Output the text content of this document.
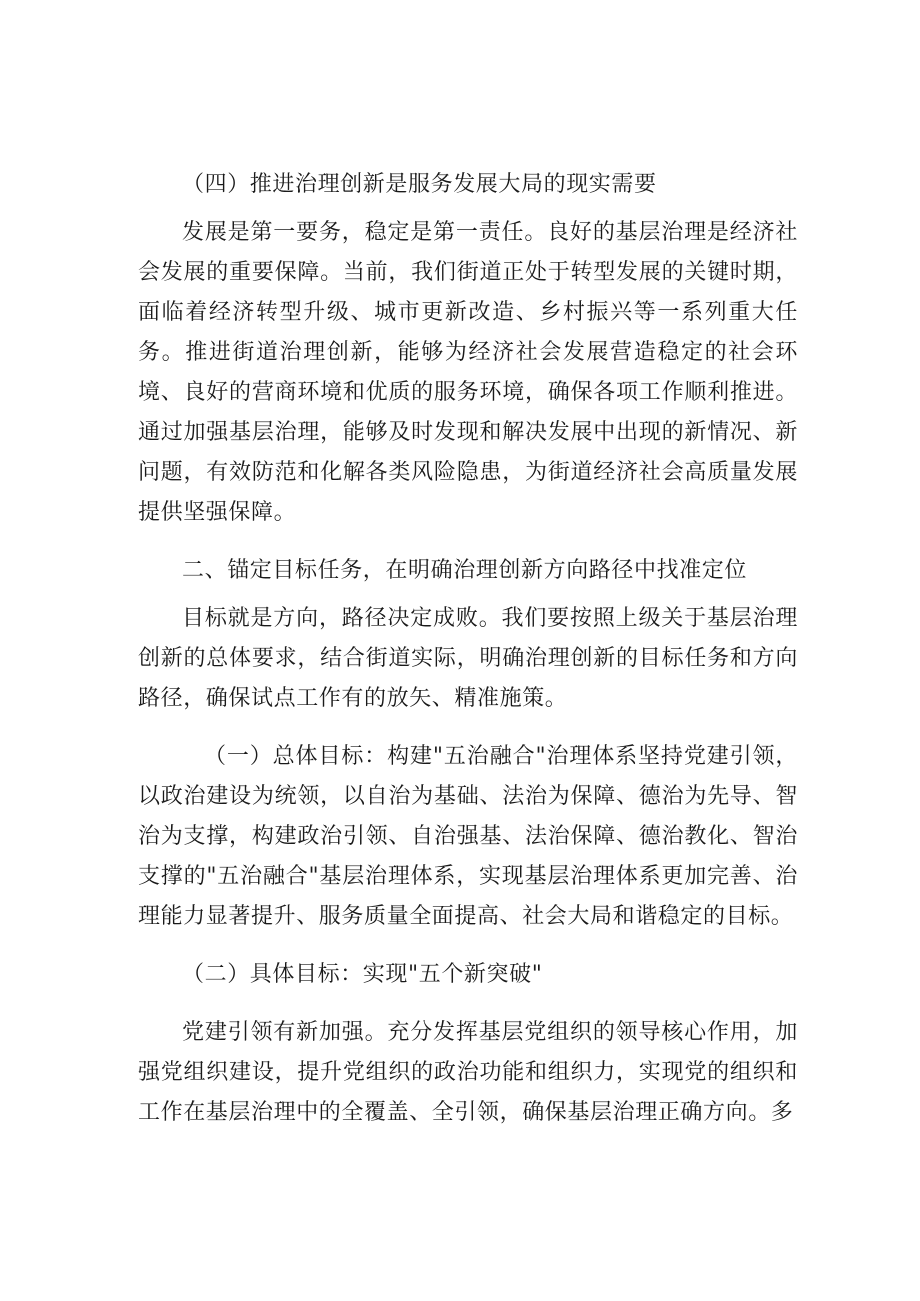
（四）推进治理创新是服务发展大局的现实需要

发展是第一要务，稳定是第一责任。良好的基层治理是经济社会发展的重要保障。当前，我们街道正处于转型发展的关键时期，面临着经济转型升级、城市更新改造、乡村振兴等一系列重大任务。推进街道治理创新，能够为经济社会发展营造稳定的社会环境、良好的营商环境和优质的服务环境，确保各项工作顺利推进。通过加强基层治理，能够及时发现和解决发展中出现的新情况、新问题，有效防范和化解各类风险隐患，为街道经济社会高质量发展提供坚强保障。

二、锚定目标任务，在明确治理创新方向路径中找准定位

目标就是方向，路径决定成败。我们要按照上级关于基层治理创新的总体要求，结合街道实际，明确治理创新的目标任务和方向路径，确保试点工作有的放矢、精准施策。

（一）总体目标：构建"五治融合"治理体系坚持党建引领，以政治建设为统领，以自治为基础、法治为保障、德治为先导、智治为支撑，构建政治引领、自治强基、法治保障、德治教化、智治支撑的"五治融合"基层治理体系，实现基层治理体系更加完善、治理能力显著提升、服务质量全面提高、社会大局和谐稳定的目标。

（二）具体目标：实现"五个新突破"

党建引领有新加强。充分发挥基层党组织的领导核心作用，加强党组织建设，提升党组织的政治功能和组织力，实现党的组织和工作在基层治理中的全覆盖、全引领，确保基层治理正确方向。多
